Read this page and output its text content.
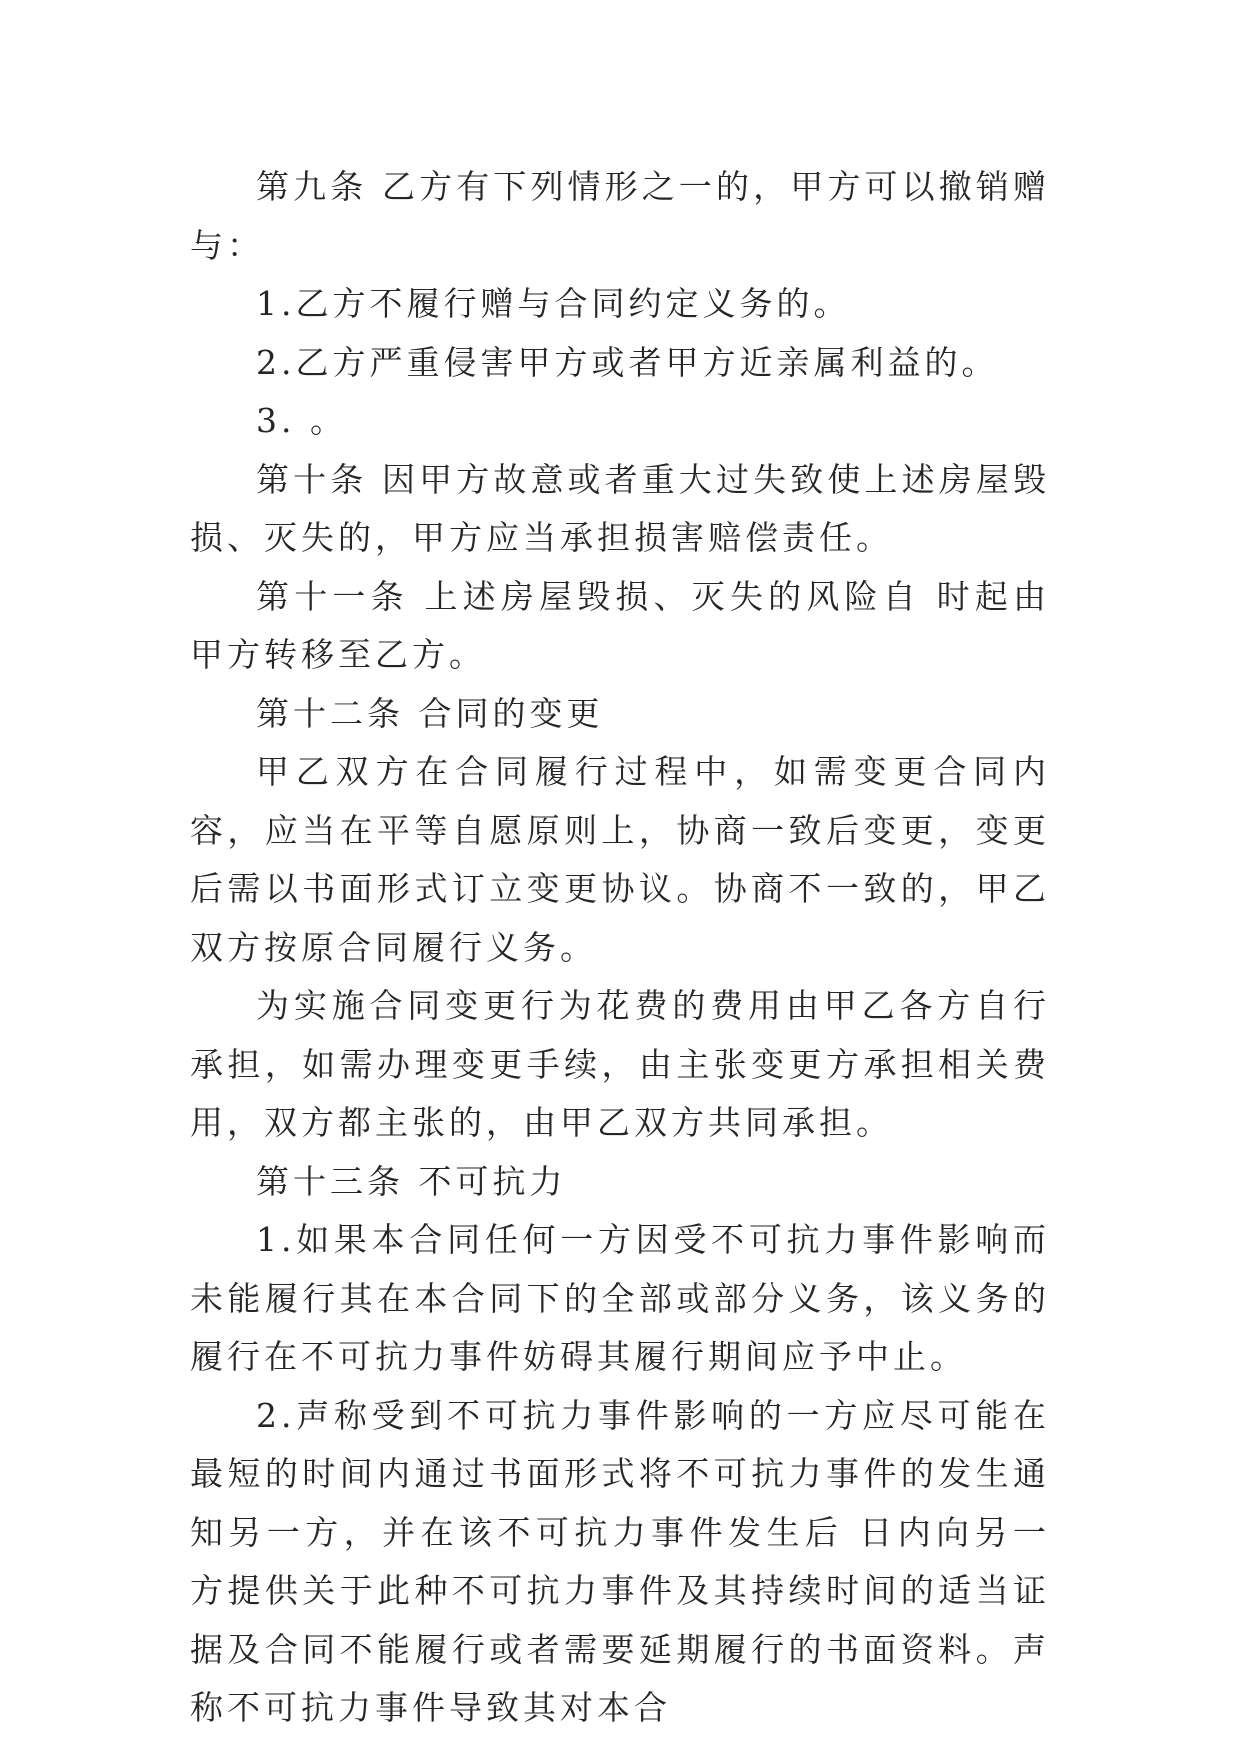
第九条 乙方有下列情形之一的，甲方可以撤销赠与：

1.乙方不履行赠与合同约定义务的。

2.乙方严重侵害甲方或者甲方近亲属利益的。

3. 。

第十条 因甲方故意或者重大过失致使上述房屋毁损、灭失的，甲方应当承担损害赔偿责任。

第十一条 上述房屋毁损、灭失的风险自 时起由甲方转移至乙方。

第十二条 合同的变更

甲乙双方在合同履行过程中，如需变更合同内容，应当在平等自愿原则上，协商一致后变更，变更后需以书面形式订立变更协议。协商不一致的，甲乙双方按原合同履行义务。

为实施合同变更行为花费的费用由甲乙各方自行承担，如需办理变更手续，由主张变更方承担相关费用，双方都主张的，由甲乙双方共同承担。

第十三条 不可抗力

1.如果本合同任何一方因受不可抗力事件影响而未能履行其在本合同下的全部或部分义务，该义务的履行在不可抗力事件妨碍其履行期间应予中止。

2.声称受到不可抗力事件影响的一方应尽可能在最短的时间内通过书面形式将不可抗力事件的发生通知另一方，并在该不可抗力事件发生后 日内向另一方提供关于此种不可抗力事件及其持续时间的适当证据及合同不能履行或者需要延期履行的书面资料。声称不可抗力事件导致其对本合
